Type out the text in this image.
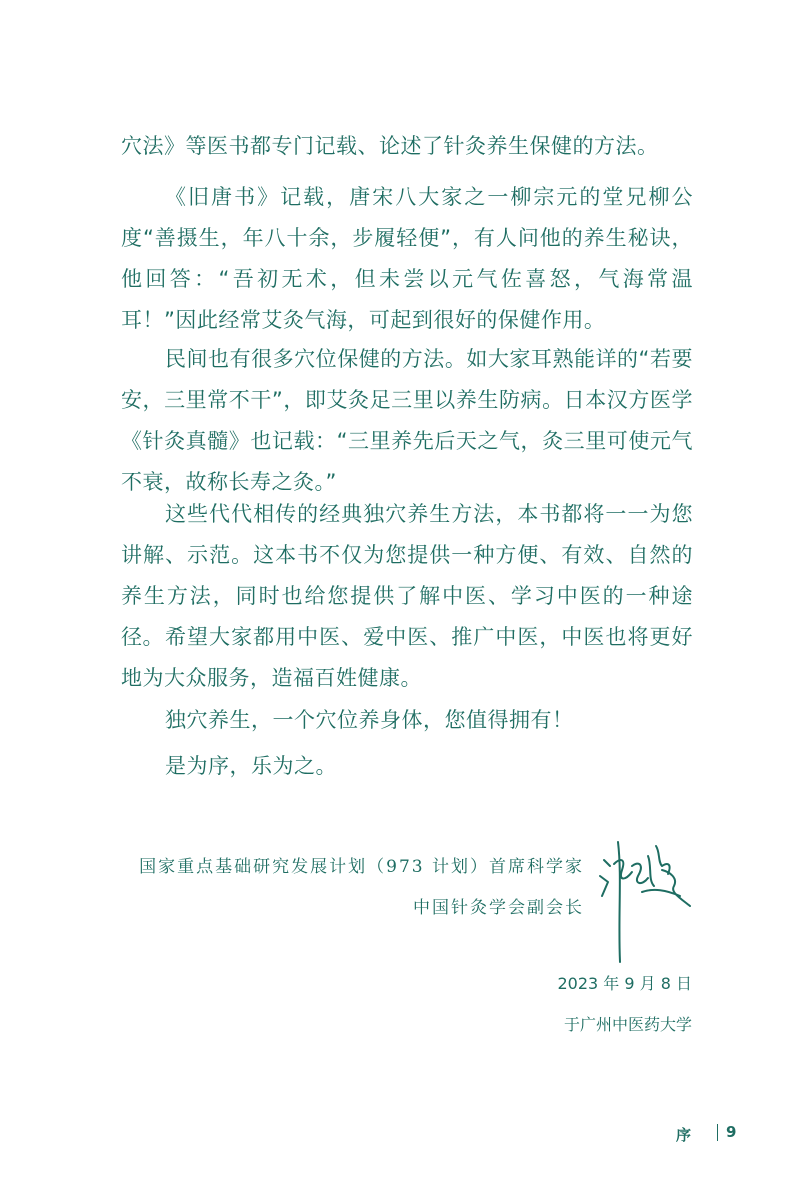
穴法》等医书都专门记载、论述了针灸养生保健的方法。

《旧唐书》记载，唐宋八大家之一柳宗元的堂兄柳公度“善摄生，年八十余，步履轻便”，有人问他的养生秘诀，他回答：“吾初无术，但未尝以元气佐喜怒，气海常温耳！”因此经常艾灸气海，可起到很好的保健作用。

民间也有很多穴位保健的方法。如大家耳熟能详的“若要安，三里常不干”，即艾灸足三里以养生防病。日本汉方医学《针灸真髓》也记载：“三里养先后天之气，灸三里可使元气不衰，故称长寿之灸。”

这些代代相传的经典独穴养生方法，本书都将一一为您讲解、示范。这本书不仅为您提供一种方便、有效、自然的养生方法，同时也给您提供了解中医、学习中医的一种途径。 希望大家都用中医、爱中医、推广中医，中医也将更好地为大众服务，造福百姓健康。

独穴养生，一个穴位养身体，您值得拥有！

是为序，乐为之。

国家重点基础研究发展计划（973 计划）首席科学家
中国针灸学会副会长
2023 年 9 月 8 日
于广州中医药大学
序 9
